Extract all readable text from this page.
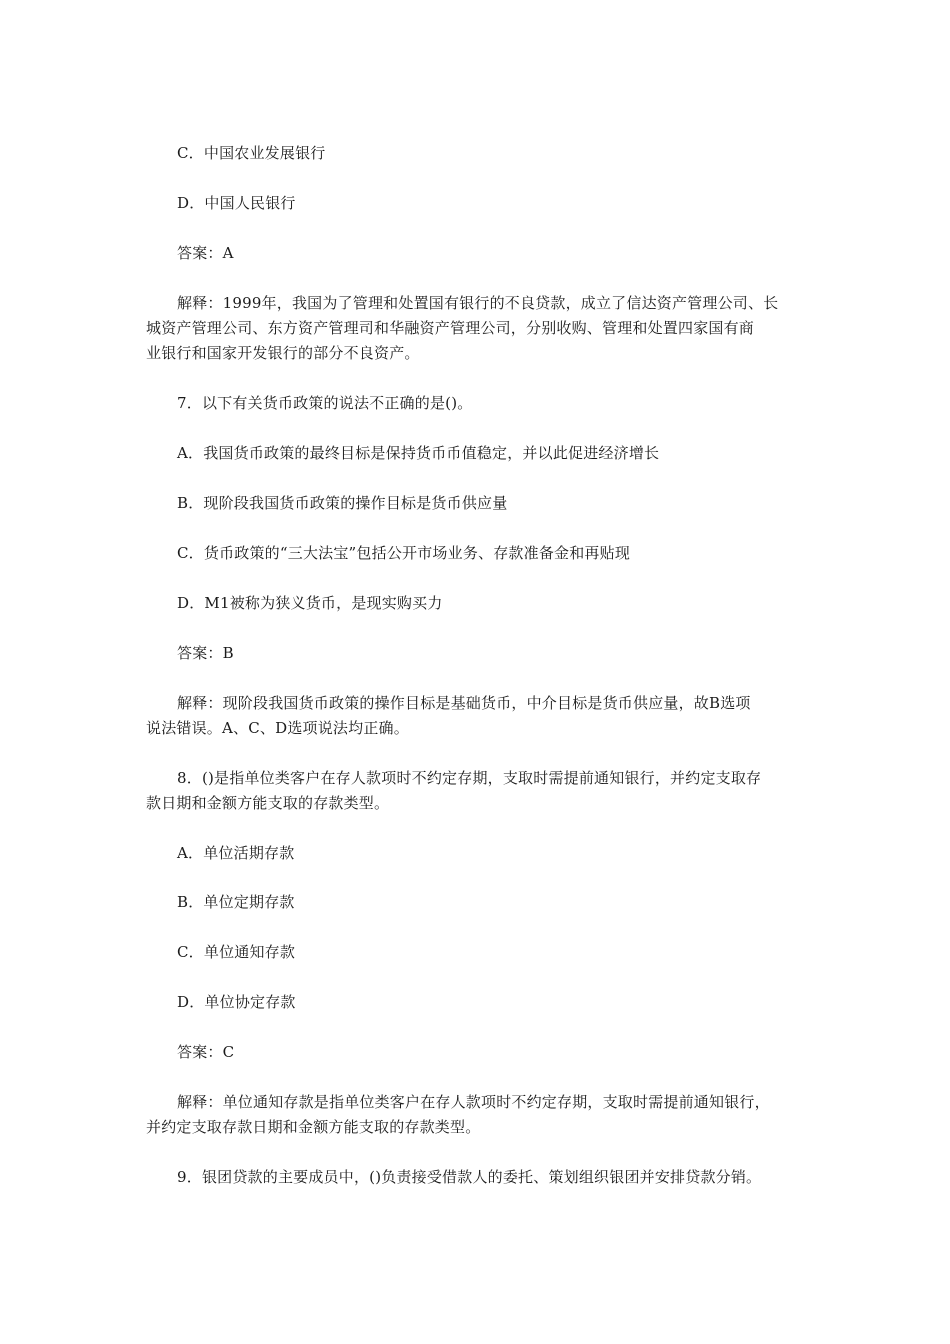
C．中国农业发展银行
D．中国人民银行
答案：A
解释：1999年，我国为了管理和处置国有银行的不良贷款，成立了信达资产管理公司、长
城资产管理公司、东方资产管理司和华融资产管理公司，分别收购、管理和处置四家国有商
业银行和国家开发银行的部分不良资产。
7．以下有关货币政策的说法不正确的是()。
A．我国货币政策的最终目标是保持货币币值稳定，并以此促进经济增长
B．现阶段我国货币政策的操作目标是货币供应量
C．货币政策的“三大法宝”包括公开市场业务、存款准备金和再贴现
D．M1被称为狭义货币，是现实购买力
答案：B
解释：现阶段我国货币政策的操作目标是基础货币，中介目标是货币供应量，故B选项
说法错误。A、C、D选项说法均正确。
8．()是指单位类客户在存人款项时不约定存期，支取时需提前通知银行，并约定支取存
款日期和金额方能支取的存款类型。
A．单位活期存款
B．单位定期存款
C．单位通知存款
D．单位协定存款
答案：C
解释：单位通知存款是指单位类客户在存人款项时不约定存期，支取时需提前通知银行，
并约定支取存款日期和金额方能支取的存款类型。
9．银团贷款的主要成员中，()负责接受借款人的委托、策划组织银团并安排贷款分销。
